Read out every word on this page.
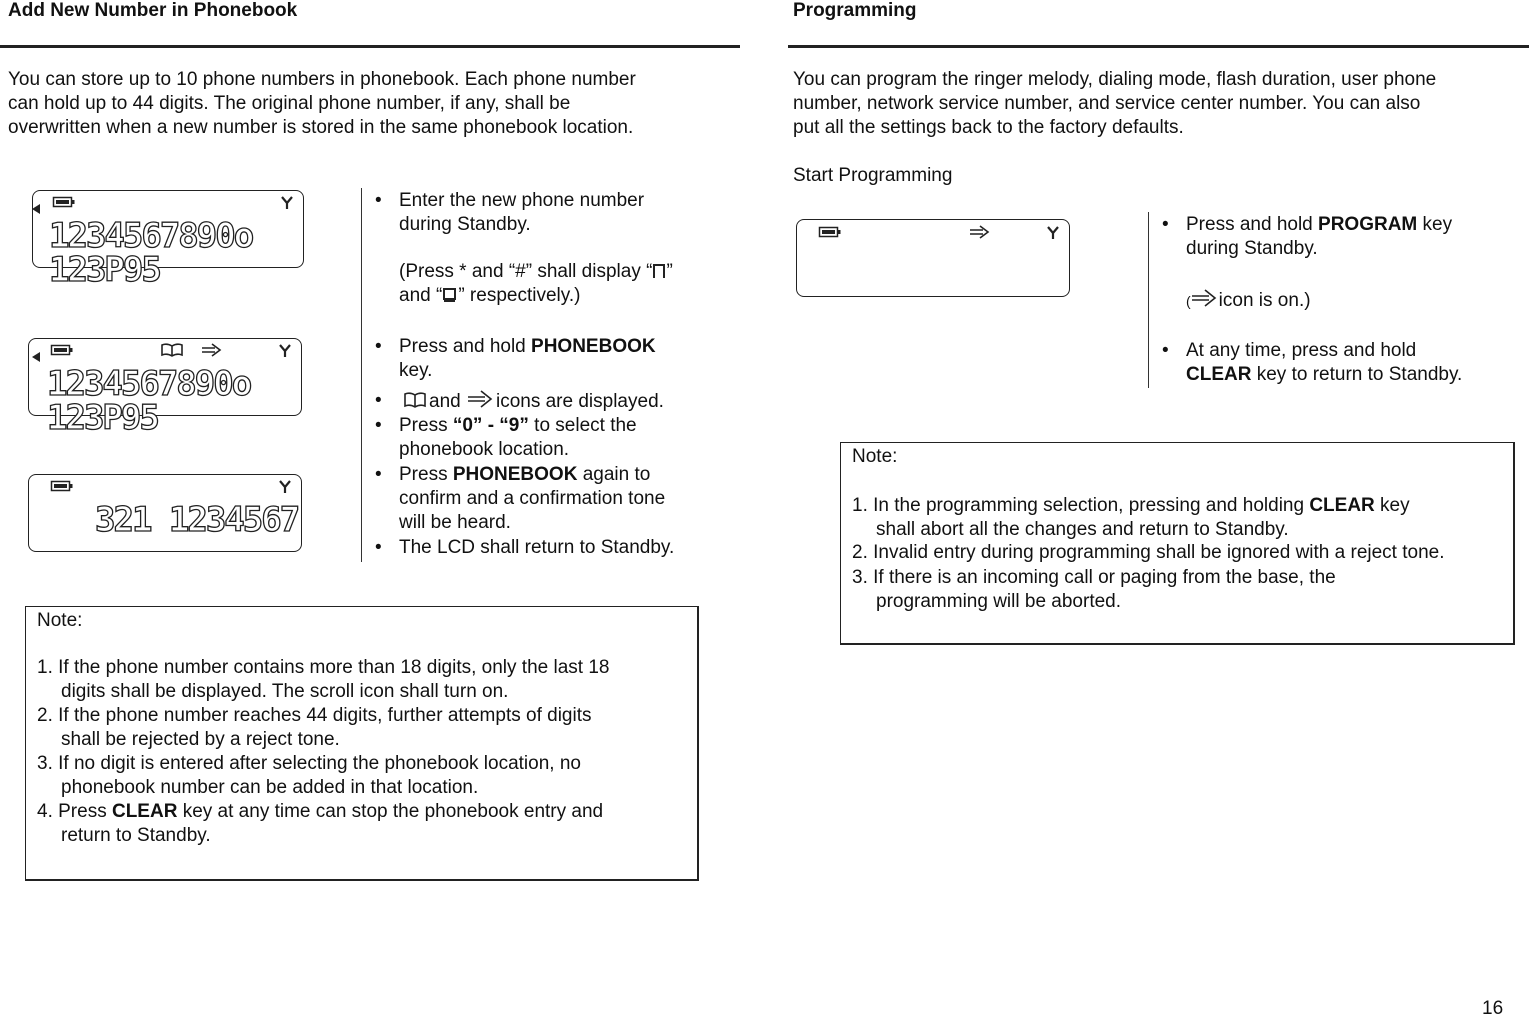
Add New Number in Phonebook
You can store up to 10 phone numbers in phonebook. Each phone number
can hold up to 44 digits. The original phone number, if any, shall be
overwritten when a new number is stored in the same phonebook location.
1234567890o 123P95
1234567890o 123P95
321 1234567
• Enter the new phone number
during Standby.
(Press * and “#” shall display “ ”
and “ ” respectively.)
• Press and hold PHONEBOOK
key.
•	and icons are displayed.
• Press “0” - “9” to select the
phonebook location.
• Press PHONEBOOK again to
confirm and a confirmation tone
will be heard.
• The LCD shall return to Standby.
Note:
1. If the phone number contains more than 18 digits, only the last 18
digits shall be displayed. The scroll icon shall turn on.
2. If the phone number reaches 44 digits, further attempts of digits
shall be rejected by a reject tone.
3. If no digit is entered after selecting the phonebook location, no
phonebook number can be added in that location.
4. Press CLEAR key at any time can stop the phonebook entry and
return to Standby.
Programming
You can program the ringer melody, dialing mode, flash duration, user phone
number, network service number, and service center number. You can also
put all the settings back to the factory defaults.
Start Programming
• Press and hold PROGRAM key
during Standby.
( icon is on.)
• At any time, press and hold
CLEAR key to return to Standby.
Note:
1. In the programming selection, pressing and holding CLEAR key
shall abort all the changes and return to Standby.
2. Invalid entry during programming shall be ignored with a reject tone.
3. If there is an incoming call or paging from the base, the
programming will be aborted.
16
